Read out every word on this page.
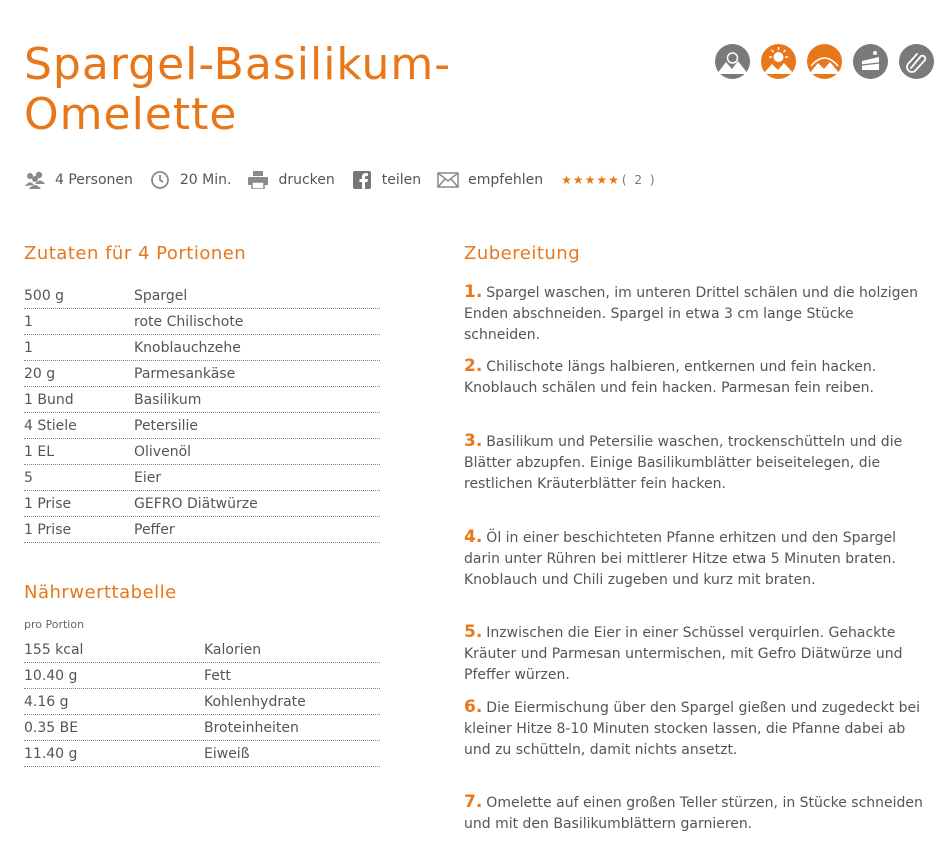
Spargel-Basilikum-Omelette
4 Personen	20 Min.	drucken	teilen	empfehlen ★★★★★ ( 2 )
Zutaten für 4 Portionen
500 g	Spargel
1	rote Chilischote
1	Knoblauchzehe
20 g	Parmesankäse
1 Bund	Basilikum
4 Stiele	Petersilie
1 EL	Olivenöl
5	Eier
1 Prise	GEFRO Diätwürze
1 Prise	Peffer
Nährwerttabelle
pro Portion
155 kcal	Kalorien
10.40 g	Fett
4.16 g	Kohlenhydrate
0.35 BE	Broteinheiten
11.40 g	Eiweiß
Zubereitung
1. Spargel waschen, im unteren Drittel schälen und die holzigen Enden abschneiden. Spargel in etwa 3 cm lange Stücke schneiden.
2. Chilischote längs halbieren, entkernen und fein hacken. Knoblauch schälen und fein hacken. Parmesan fein reiben.
3. Basilikum und Petersilie waschen, trockenschütteln und die Blätter abzupfen. Einige Basilikumblätter beiseitelegen, die restlichen Kräuterblätter fein hacken.
4. Öl in einer beschichteten Pfanne erhitzen und den Spargel darin unter Rühren bei mittlerer Hitze etwa 5 Minuten braten. Knoblauch und Chili zugeben und kurz mit braten.
5. Inzwischen die Eier in einer Schüssel verquirlen. Gehackte Kräuter und Parmesan untermischen, mit Gefro Diätwürze und Pfeffer würzen.
6. Die Eiermischung über den Spargel gießen und zugedeckt bei kleiner Hitze 8-10 Minuten stocken lassen, die Pfanne dabei ab und zu schütteln, damit nichts ansetzt.
7. Omelette auf einen großen Teller stürzen, in Stücke schneiden und mit den Basilikumblättern garnieren.
